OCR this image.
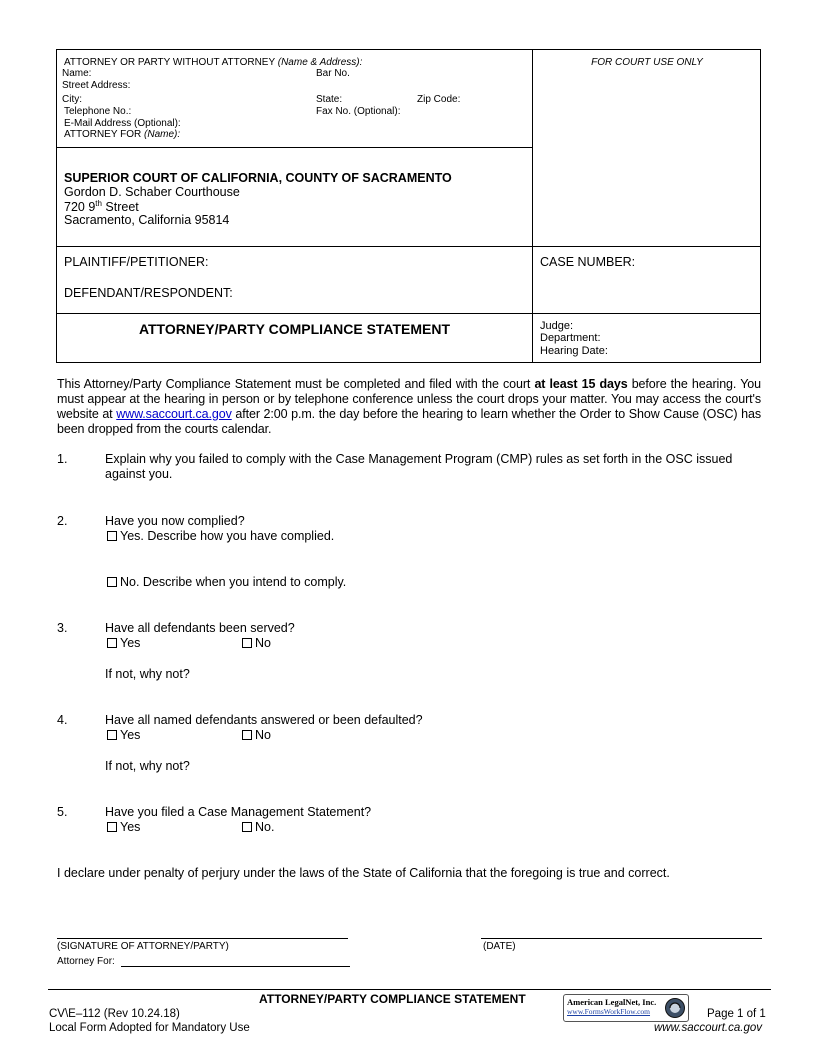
ATTORNEY OR PARTY WITHOUT ATTORNEY (Name & Address):
Name:	Bar No.
Street Address:
City:	State:	Zip Code:
Telephone No.:	Fax No. (Optional):
E-Mail Address (Optional):
ATTORNEY FOR (Name):
FOR COURT USE ONLY
SUPERIOR COURT OF CALIFORNIA, COUNTY OF SACRAMENTO
Gordon D. Schaber Courthouse
720 9th Street
Sacramento, California 95814
PLAINTIFF/PETITIONER:
DEFENDANT/RESPONDENT:
CASE NUMBER:
ATTORNEY/PARTY COMPLIANCE STATEMENT	Judge:
Department:
Hearing Date:
This Attorney/Party Compliance Statement must be completed and filed with the court at least 15 days before the hearing. You must appear at the hearing in person or by telephone conference unless the court drops your matter. You may access the court's website at www.saccourt.ca.gov after 2:00 p.m. the day before the hearing to learn whether the Order to Show Cause (OSC) has been dropped from the courts calendar.
1.	Explain why you failed to comply with the Case Management Program (CMP) rules as set forth in the OSC issued against you.
2.	Have you now complied?
Yes. Describe how you have complied.
No. Describe when you intend to comply.
3.	Have all defendants been served?
Yes	No
If not, why not?
4.	Have all named defendants answered or been defaulted?
Yes	No
If not, why not?
5.	Have you filed a Case Management Statement?
Yes	No.
I declare under penalty of perjury under the laws of the State of California that the foregoing is true and correct.
(SIGNATURE OF ATTORNEY/PARTY)	(DATE)
Attorney For:
ATTORNEY/PARTY COMPLIANCE STATEMENT
CV\E–112 (Rev 10.24.18)
Local Form Adopted for Mandatory Use
American LegalNet, Inc.
www.FormsWorkFlow.com	Page 1 of 1
www.saccourt.ca.gov
